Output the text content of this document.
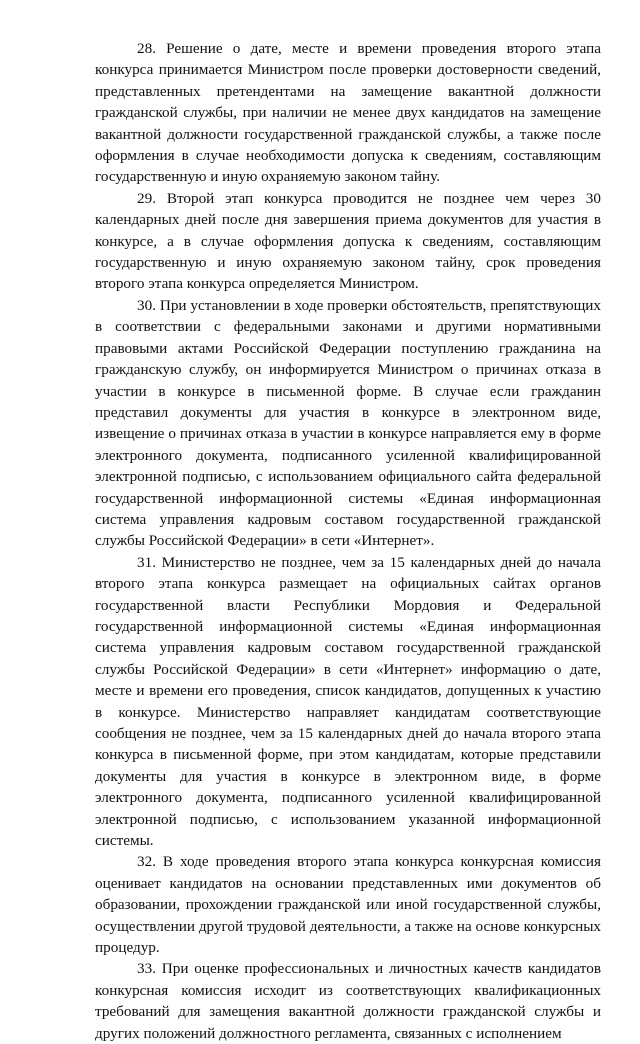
28. Решение о дате, месте и времени проведения второго этапа конкурса принимается Министром после проверки достоверности сведений, представленных претендентами на замещение вакантной должности гражданской службы, при наличии не менее двух кандидатов на замещение вакантной должности государственной гражданской службы, а также после оформления в случае необходимости допуска к сведениям, составляющим государственную и иную охраняемую законом тайну.

29. Второй этап конкурса проводится не позднее чем через 30 календарных дней после дня завершения приема документов для участия в конкурсе, а в случае оформления допуска к сведениям, составляющим государственную и иную охраняемую законом тайну, срок проведения второго этапа конкурса определяется Министром.

30. При установлении в ходе проверки обстоятельств, препятствующих в соответствии с федеральными законами и другими нормативными правовыми актами Российской Федерации поступлению гражданина на гражданскую службу, он информируется Министром о причинах отказа в участии в конкурсе в письменной форме. В случае если гражданин представил документы для участия в конкурсе в электронном виде, извещение о причинах отказа в участии в конкурсе направляется ему в форме электронного документа, подписанного усиленной квалифицированной электронной подписью, с использованием официального сайта федеральной государственной информационной системы «Единая информационная система управления кадровым составом государственной гражданской службы Российской Федерации» в сети «Интернет».

31. Министерство не позднее, чем за 15 календарных дней до начала второго этапа конкурса размещает на официальных сайтах органов государственной власти Республики Мордовия и Федеральной государственной информационной системы «Единая информационная система управления кадровым составом государственной гражданской службы Российской Федерации» в сети «Интернет» информацию о дате, месте и времени его проведения, список кандидатов, допущенных к участию в конкурсе. Министерство направляет кандидатам соответствующие сообщения не позднее, чем за 15 календарных дней до начала второго этапа конкурса в письменной форме, при этом кандидатам, которые представили документы для участия в конкурсе в электронном виде, в форме электронного документа, подписанного усиленной квалифицированной электронной подписью, с использованием указанной информационной системы.

32. В ходе проведения второго этапа конкурса конкурсная комиссия оценивает кандидатов на основании представленных ими документов об образовании, прохождении гражданской или иной государственной службы, осуществлении другой трудовой деятельности, а также на основе конкурсных процедур.

33. При оценке профессиональных и личностных качеств кандидатов конкурсная комиссия исходит из соответствующих квалификационных требований для замещения вакантной должности гражданской службы и других положений должностного регламента, связанных с исполнением
